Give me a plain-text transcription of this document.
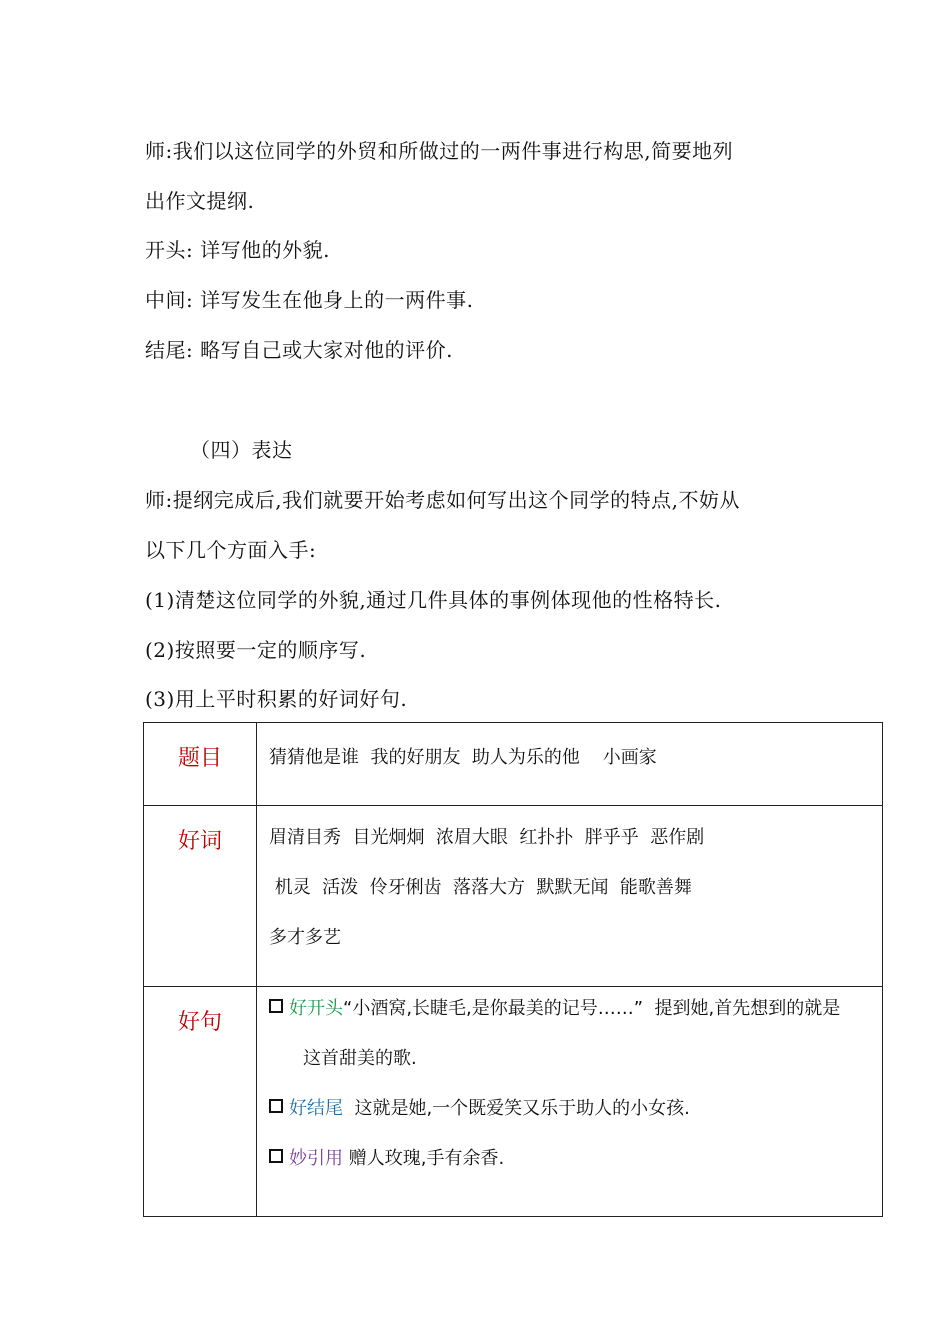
师:我们以这位同学的外贸和所做过的一两件事进行构思,简要地列
出作文提纲.
开头: 详写他的外貌.
中间: 详写发生在他身上的一两件事.
结尾: 略写自己或大家对他的评价.
（四）表达
师:提纲完成后,我们就要开始考虑如何写出这个同学的特点,不妨从
以下几个方面入手:
(1)清楚这位同学的外貌,通过几件具体的事例体现他的性格特长.
(2)按照要一定的顺序写.
(3)用上平时积累的好词好句.
题目	猜猜他是谁  我的好朋友  助人为乐的他    小画家
好词	眉清目秀  目光炯炯  浓眉大眼  红扑扑  胖乎乎  恶作剧
机灵  活泼  伶牙俐齿  落落大方  默默无闻  能歌善舞
多才多艺

好句	好开头“小酒窝,长睫毛,是你最美的记号……”  提到她,首先想到的就是
这首甜美的歌.
好结尾  这就是她,一个既爱笑又乐于助人的小女孩.
妙引用 赠人玫瑰,手有余香.
